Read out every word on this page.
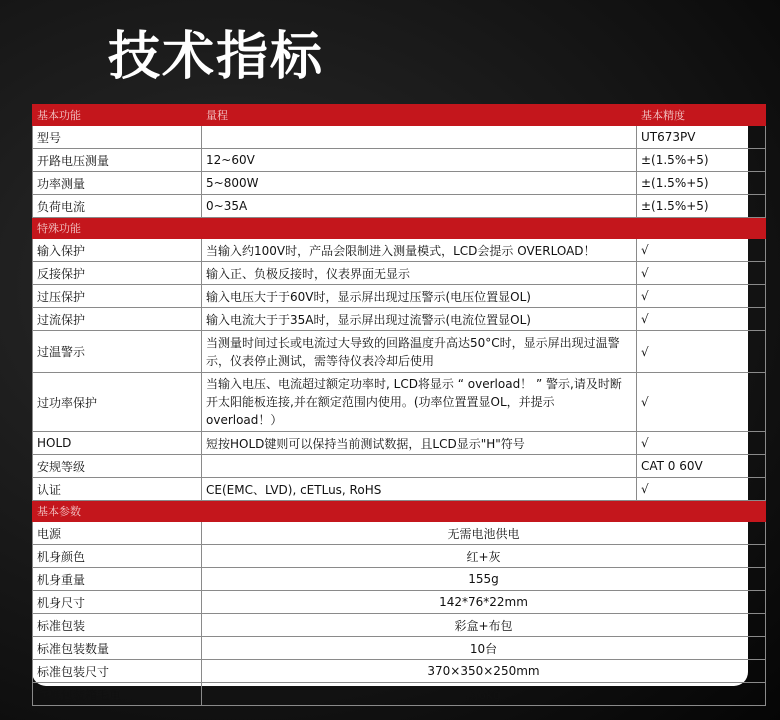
技术指标
基本功能	量程	基本精度
型号		UT673PV
开路电压测量	12~60V	±(1.5%+5)
功率测量	5~800W	±(1.5%+5)
负荷电流	0~35A	±(1.5%+5)
特殊功能		
输入保护	当输入约100V时，产品会限制进入测量模式，LCD会提示 OVERLOAD！	√
反接保护	输入正、负极反接时，仪表界面无显示	√
过压保护	输入电压大于于60V时，显示屏出现过压警示(电压位置显OL)	√
过流保护	输入电流大于于35A时，显示屏出现过流警示(电流位置显OL)	√
过温警示	当测量时间过长或电流过大导致的回路温度升高达50°C时，显示屏出现过温警
示，仪表停止测试，需等待仪表冷却后使用	√
过功率保护	当输入电压、电流超过额定功率时, LCD将显示 “ overload！ ” 警示,请及时断
开太阳能板连接,并在额定范围内使用。(功率位置置显OL，并提示
overload！）	√
HOLD	短按HOLD键则可以保持当前测试数据，且LCD显示"H"符号	√
安规等级		CAT 0 60V
认证	CE(EMC、LVD), cETLus, RoHS	√
基本参数		
电源	无需电池供电	
机身颜色	红+灰	
机身重量	155g	
机身尺寸	142*76*22mm	
标准包装	彩盒+布包	
标准包装数量	10台	
标准包装尺寸	370×350×250mm	
标准包装箱毛重	约6kg	
